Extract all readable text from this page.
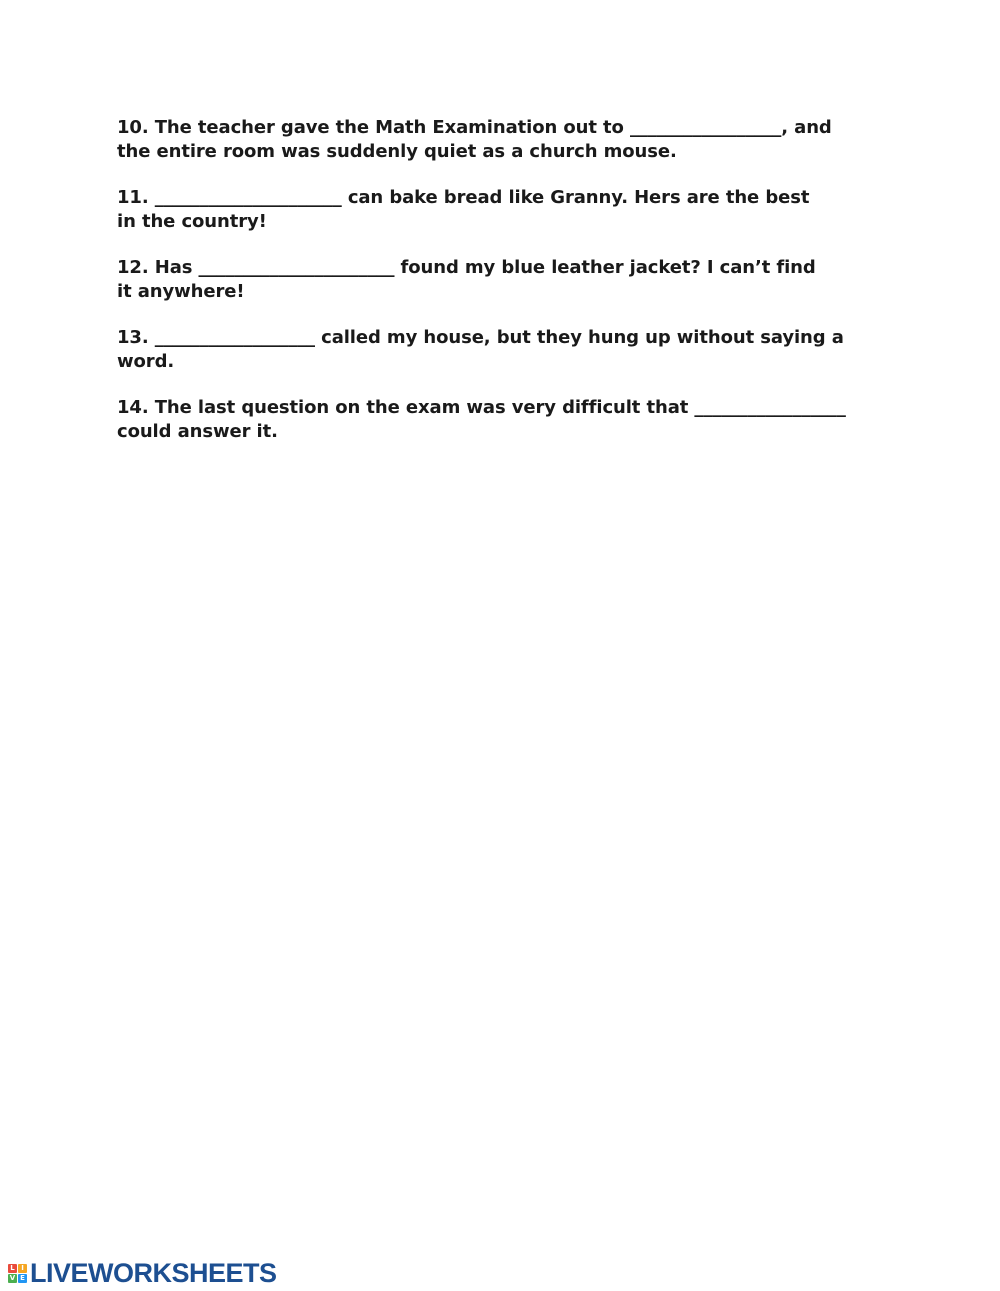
10. The teacher gave the Math Examination out to _________________, and
the entire room was suddenly quiet as a church mouse.

11. _____________________ can bake bread like Granny. Hers are the best
in the country!

12. Has ______________________ found my blue leather jacket? I can’t find
it anywhere!

13. __________________ called my house, but they hung up without saying a
word.

14. The last question on the exam was very difficult that _________________
could answer it.

L I
V E LIVEWORKSHEETS
